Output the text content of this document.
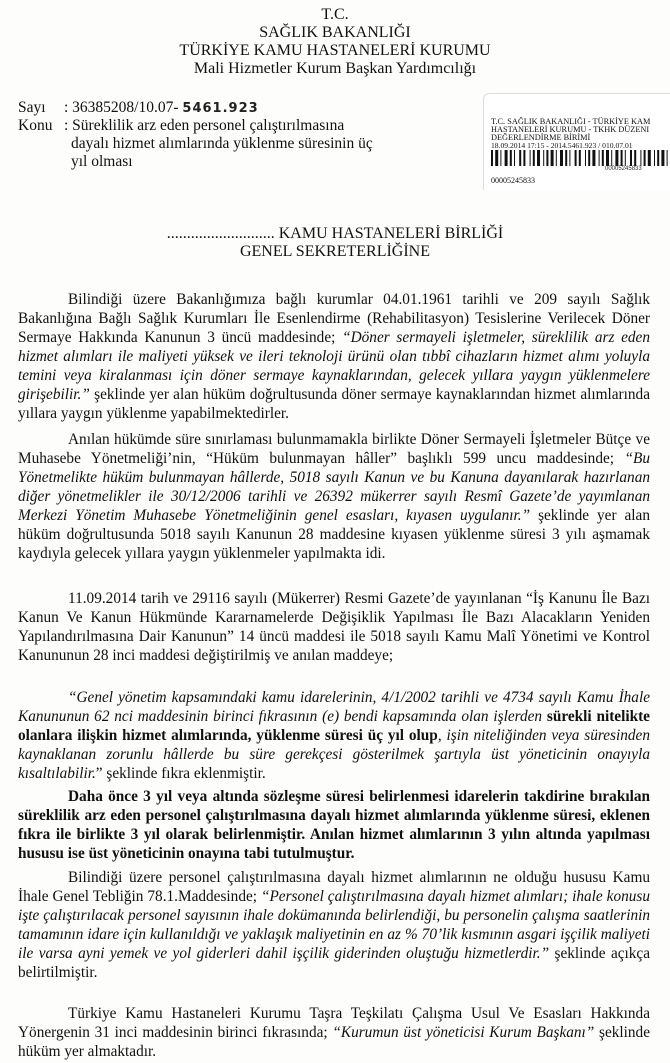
T.C.
SAĞLIK BAKANLIĞI
TÜRKİYE KAMU HASTANELERİ KURUMU
Mali Hizmetler Kurum Başkan Yardımcılığı
Sayı : 36385208/10.07- 5461.923
Konu : Süreklilik arz eden personel çalıştırılmasına
dayalı hizmet alımlarında yüklenme süresinin üç
yıl olması
T.C. SAĞLIK BAKANLIĞI - TÜRKİYE KAM
HASTANELERİ KURUMU - TKHK DÜZENI
DEĞERLENDİRME BİRİMİ
18.09.2014 17:15 - 2014.5461.923 / 010.07.01
00005245833
00005245833
........................... KAMU HASTANELERİ BİRLİĞİ
GENEL SEKRETERLİĞİNE
Bilindiği üzere Bakanlığımıza bağlı kurumlar 04.01.1961 tarihli ve 209 sayılı Sağlık Bakanlığına Bağlı Sağlık Kurumları İle Esenlendirme (Rehabilitasyon) Tesislerine Verilecek Döner Sermaye Hakkında Kanunun 3 üncü maddesinde; “Döner sermayeli işletmeler, süreklilik arz eden hizmet alımları ile maliyeti yüksek ve ileri teknoloji ürünü olan tıbbî cihazların hizmet alımı yoluyla temini veya kiralanması için döner sermaye kaynaklarından, gelecek yıllara yaygın yüklenmelere girişebilir.” şeklinde yer alan hüküm doğrultusunda döner sermaye kaynaklarından hizmet alımlarında yıllara yaygın yüklenme yapabilmektedirler.
Anılan hükümde süre sınırlaması bulunmamakla birlikte Döner Sermayeli İşletmeler Bütçe ve Muhasebe Yönetmeliği’nin, “Hüküm bulunmayan hâller” başlıklı 599 uncu maddesinde; “Bu Yönetmelikte hüküm bulunmayan hâllerde, 5018 sayılı Kanun ve bu Kanuna dayanılarak hazırlanan diğer yönetmelikler ile 30/12/2006 tarihli ve 26392 mükerrer sayılı Resmî Gazete’de yayımlanan Merkezi Yönetim Muhasebe Yönetmeliğinin genel esasları, kıyasen uygulanır.” şeklinde yer alan hüküm doğrultusunda 5018 sayılı Kanunun 28 maddesine kıyasen yüklenme süresi 3 yılı aşmamak kaydıyla gelecek yıllara yaygın yüklenmeler yapılmakta idi.
11.09.2014 tarih ve 29116 sayılı (Mükerrer) Resmi Gazete’de yayınlanan “İş Kanunu İle Bazı Kanun Ve Kanun Hükmünde Kararnamelerde Değişiklik Yapılması İle Bazı Alacakların Yeniden Yapılandırılmasına Dair Kanunun” 14 üncü maddesi ile 5018 sayılı Kamu Malî Yönetimi ve Kontrol Kanununun 28 inci maddesi değiştirilmiş ve anılan maddeye;
“Genel yönetim kapsamındaki kamu idarelerinin, 4/1/2002 tarihli ve 4734 sayılı Kamu İhale Kanununun 62 nci maddesinin birinci fıkrasının (e) bendi kapsamında olan işlerden sürekli nitelikte olanlara ilişkin hizmet alımlarında, yüklenme süresi üç yıl olup, işin niteliğinden veya süresinden kaynaklanan zorunlu hâllerde bu süre gerekçesi gösterilmek şartıyla üst yöneticinin onayıyla kısaltılabilir.” şeklinde fıkra eklenmiştir.
Daha önce 3 yıl veya altında sözleşme süresi belirlenmesi idarelerin takdirine bırakılan süreklilik arz eden personel çalıştırılmasına dayalı hizmet alımlarında yüklenme süresi, eklenen fıkra ile birlikte 3 yıl olarak belirlenmiştir. Anılan hizmet alımlarının 3 yılın altında yapılması hususu ise üst yöneticinin onayına tabi tutulmuştur.
Bilindiği üzere personel çalıştırılmasına dayalı hizmet alımlarının ne olduğu hususu Kamu İhale Genel Tebliğin 78.1.Maddesinde; “Personel çalıştırılmasına dayalı hizmet alımları; ihale konusu işte çalıştırılacak personel sayısının ihale dokümanında belirlendiği, bu personelin çalışma saatlerinin tamamının idare için kullanıldığı ve yaklaşık maliyetinin en az % 70’lik kısmının asgari işçilik maliyeti ile varsa ayni yemek ve yol giderleri dahil işçilik giderinden oluştuğu hizmetlerdir.” şeklinde açıkça belirtilmiştir.
Türkiye Kamu Hastaneleri Kurumu Taşra Teşkilatı Çalışma Usul Ve Esasları Hakkında Yönergenin 31 inci maddesinin birinci fıkrasında; “Kurumun üst yöneticisi Kurum Başkanı” şeklinde hüküm yer almaktadır.
